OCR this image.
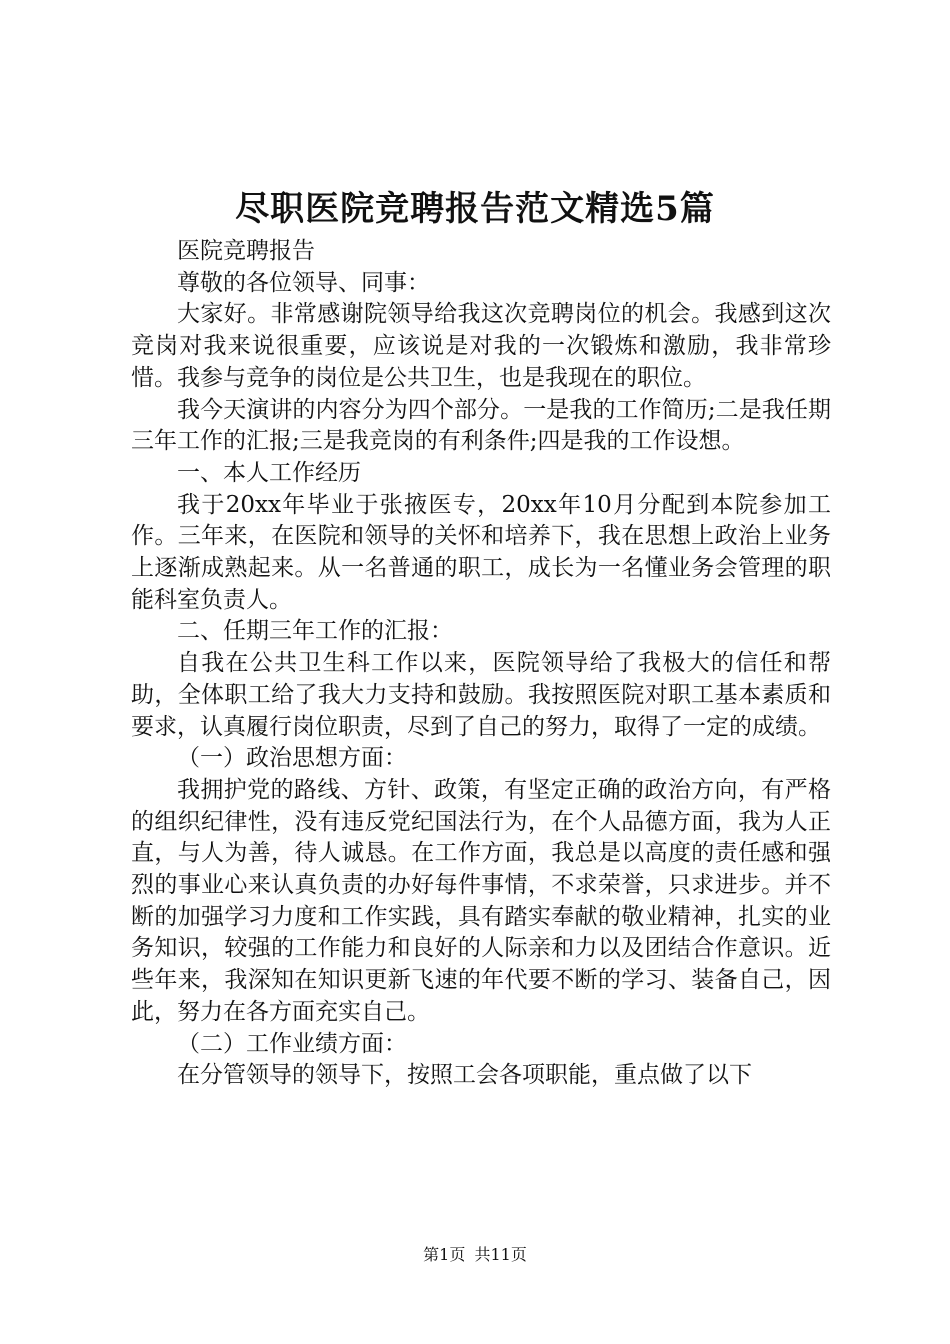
尽职医院竞聘报告范文精选5篇

医院竞聘报告

尊敬的各位领导、同事：

大家好。非常感谢院领导给我这次竞聘岗位的机会。我感到这次竞岗对我来说很重要，应该说是对我的一次锻炼和激励，我非常珍惜。我参与竞争的岗位是公共卫生，也是我现在的职位。

我今天演讲的内容分为四个部分。一是我的工作简历;二是我任期三年工作的汇报;三是我竞岗的有利条件;四是我的工作设想。

一、本人工作经历

我于20xx年毕业于张掖医专，20xx年10月分配到本院参加工作。三年来，在医院和领导的关怀和培养下，我在思想上政治上业务上逐渐成熟起来。从一名普通的职工，成长为一名懂业务会管理的职能科室负责人。

二、任期三年工作的汇报：

自我在公共卫生科工作以来，医院领导给了我极大的信任和帮助，全体职工给了我大力支持和鼓励。我按照医院对职工基本素质和要求，认真履行岗位职责，尽到了自己的努力，取得了一定的成绩。

（一）政治思想方面：

我拥护党的路线、方针、政策，有坚定正确的政治方向，有严格的组织纪律性，没有违反党纪国法行为，在个人品德方面，我为人正直，与人为善，待人诚恳。在工作方面，我总是以高度的责任感和强烈的事业心来认真负责的办好每件事情，不求荣誉，只求进步。并不断的加强学习力度和工作实践，具有踏实奉献的敬业精神，扎实的业务知识，较强的工作能力和良好的人际亲和力以及团结合作意识。近些年来，我深知在知识更新飞速的年代要不断的学习、装备自己，因此，努力在各方面充实自己。

（二）工作业绩方面：

在分管领导的领导下，按照工会各项职能，重点做了以下

第1页 共11页
